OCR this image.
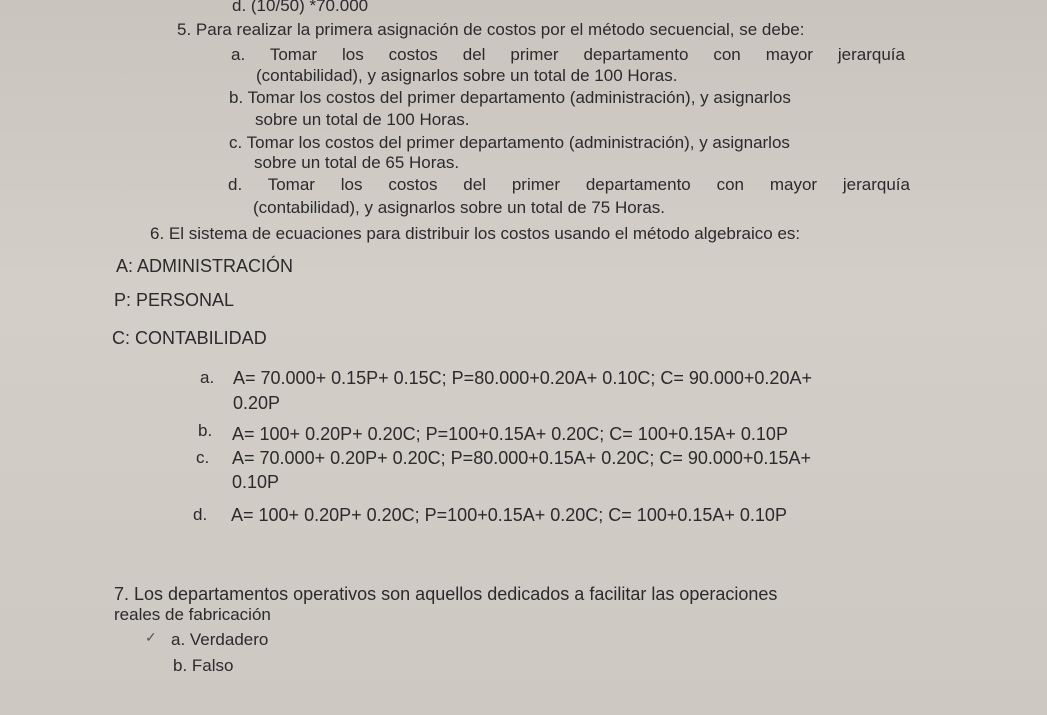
d. (10/50) *70.000
5. Para realizar la primera asignación de costos por el método secuencial, se debe:
a. Tomar los costos del primer departamento con mayor jerarquía
(contabilidad), y asignarlos sobre un total de 100 Horas.
b. Tomar los costos del primer departamento (administración), y asignarlos
sobre un total de 100 Horas.
c. Tomar los costos del primer departamento (administración), y asignarlos
sobre un total de 65 Horas.
d. Tomar los costos del primer departamento con mayor jerarquía
(contabilidad), y asignarlos sobre un total de 75 Horas.
6. El sistema de ecuaciones para distribuir los costos usando el método algebraico es:
A: ADMINISTRACIÓN
P: PERSONAL
C: CONTABILIDAD
a. A= 70.000+ 0.15P+ 0.15C; P=80.000+0.20A+ 0.10C; C= 90.000+0.20A+
0.20P
b. A= 100+ 0.20P+ 0.20C; P=100+0.15A+ 0.20C; C= 100+0.15A+ 0.10P
c. A= 70.000+ 0.20P+ 0.20C; P=80.000+0.15A+ 0.20C; C= 90.000+0.15A+
0.10P
d. A= 100+ 0.20P+ 0.20C; P=100+0.15A+ 0.20C; C= 100+0.15A+ 0.10P
7. Los departamentos operativos son aquellos dedicados a facilitar las operaciones
reales de fabricación
✓ a. Verdadero
b. Falso
